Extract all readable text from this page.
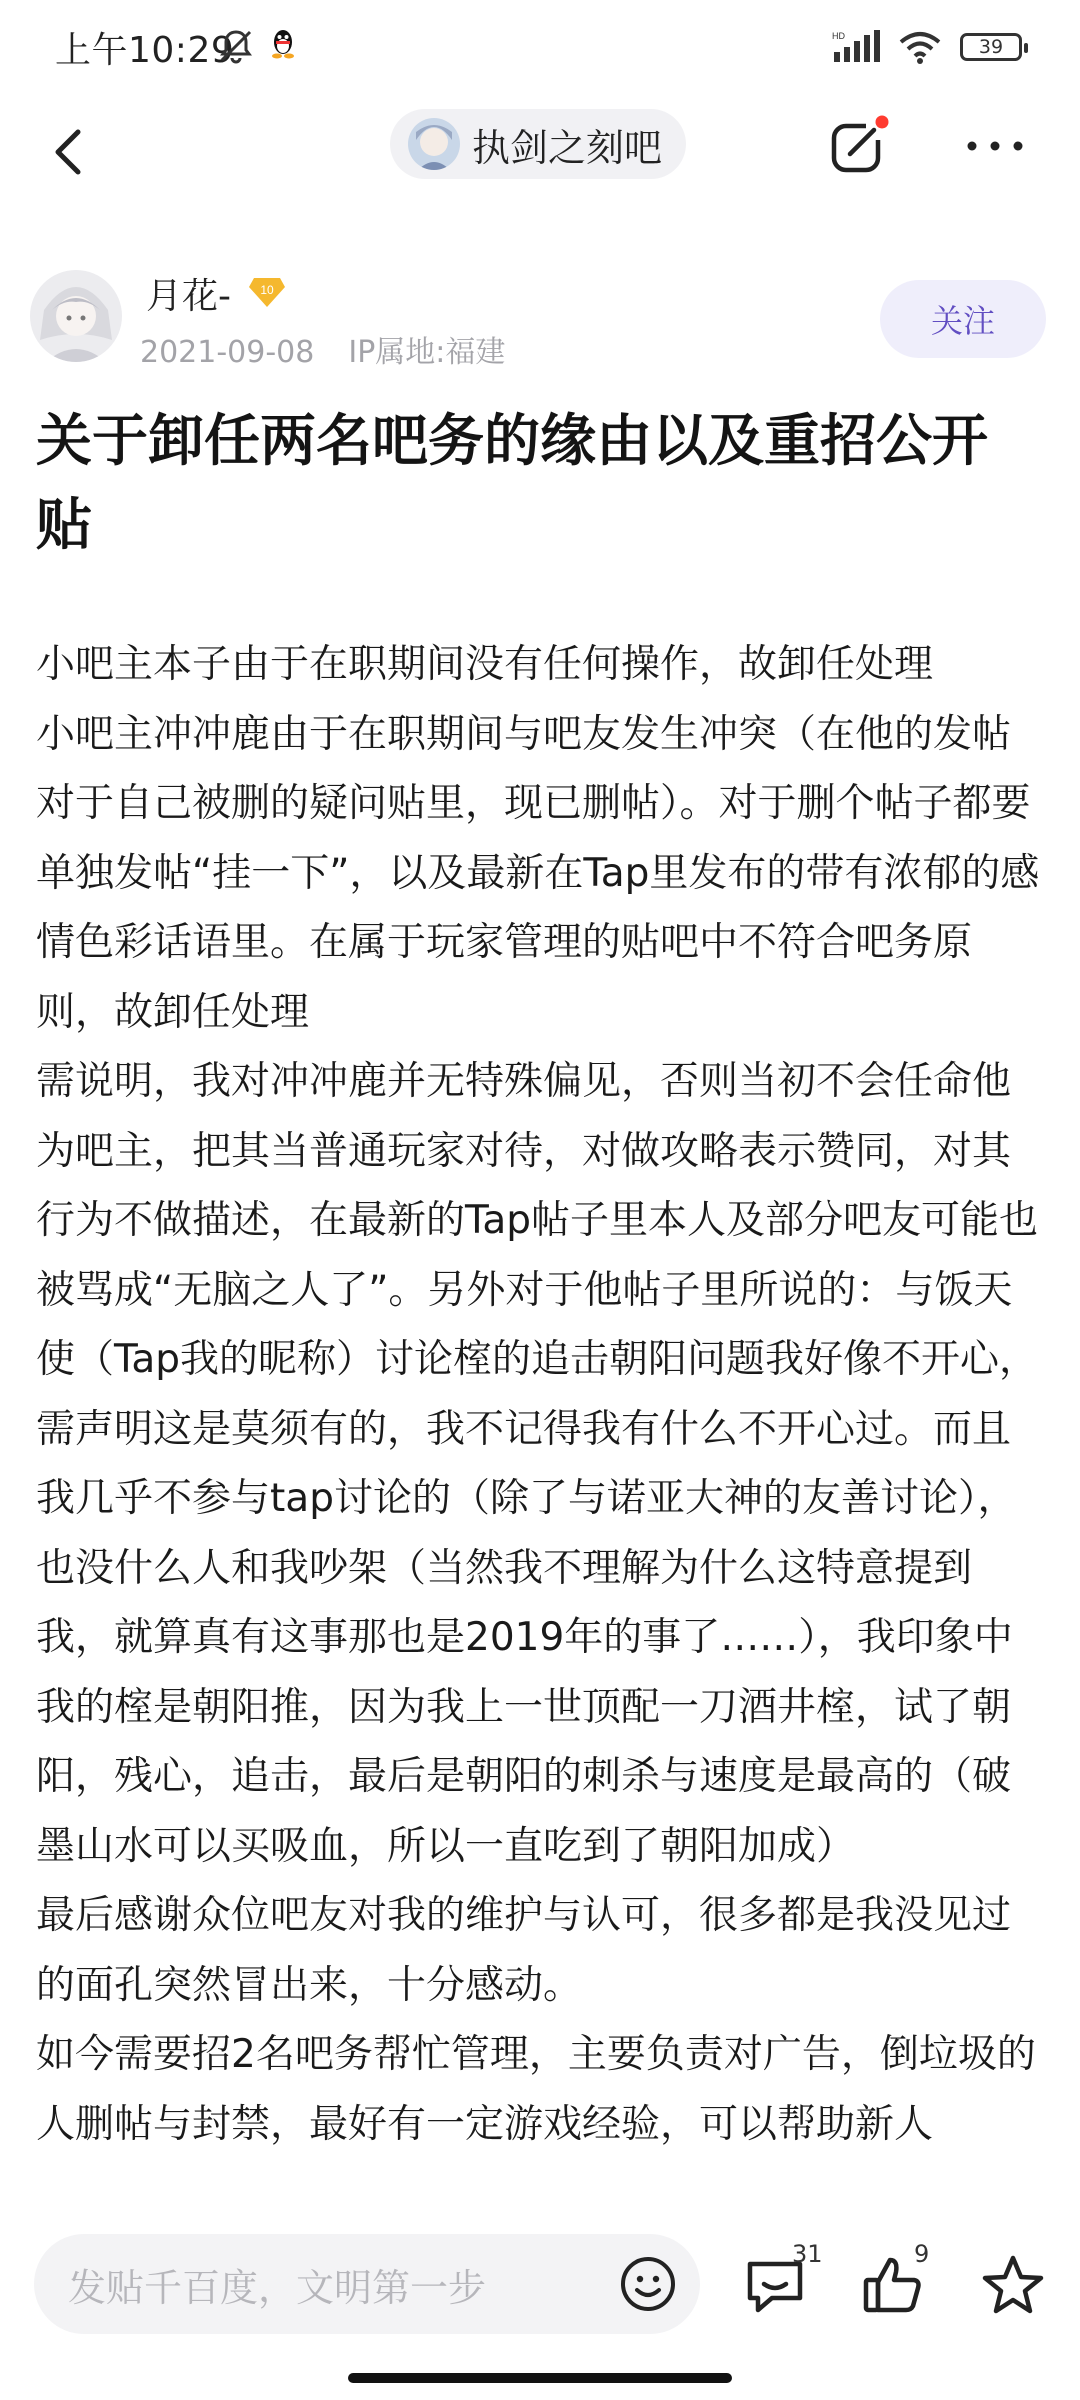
上午10:29	HD	39
执剑之刻吧
月花- 10
2021-09-08 IP属地:福建
关注
关于卸任两名吧务的缘由以及重招公开贴

小吧主本子由于在职期间没有任何操作，故卸任处理

小吧主冲冲鹿由于在职期间与吧友发生冲突（在他的发帖对于自己被删的疑问贴里，现已删帖）。对于删个帖子都要单独发帖“挂一下”，以及最新在Tap里发布的带有浓郁的感情色彩话语里。在属于玩家管理的贴吧中不符合吧务原则，故卸任处理

需说明，我对冲冲鹿并无特殊偏见，否则当初不会任命他为吧主，把其当普通玩家对待，对做攻略表示赞同，对其行为不做描述，在最新的Tap帖子里本人及部分吧友可能也被骂成“无脑之人了”。另外对于他帖子里所说的：与饭天使（Tap我的昵称）讨论榁的追击朝阳问题我好像不开心，需声明这是莫须有的，我不记得我有什么不开心过。而且我几乎不参与tap讨论的（除了与诺亚大神的友善讨论），也没什么人和我吵架（当然我不理解为什么这特意提到我，就算真有这事那也是2019年的事了……），我印象中我的榁是朝阳推，因为我上一世顶配一刀酒井榁，试了朝阳，残心，追击，最后是朝阳的刺杀与速度是最高的（破墨山水可以买吸血，所以一直吃到了朝阳加成）

最后感谢众位吧友对我的维护与认可，很多都是我没见过的面孔突然冒出来，十分感动。

如今需要招2名吧务帮忙管理，主要负责对广告，倒垃圾的人删帖与封禁，最好有一定游戏经验，可以帮助新人

发贴千百度，文明第一步
31	9
